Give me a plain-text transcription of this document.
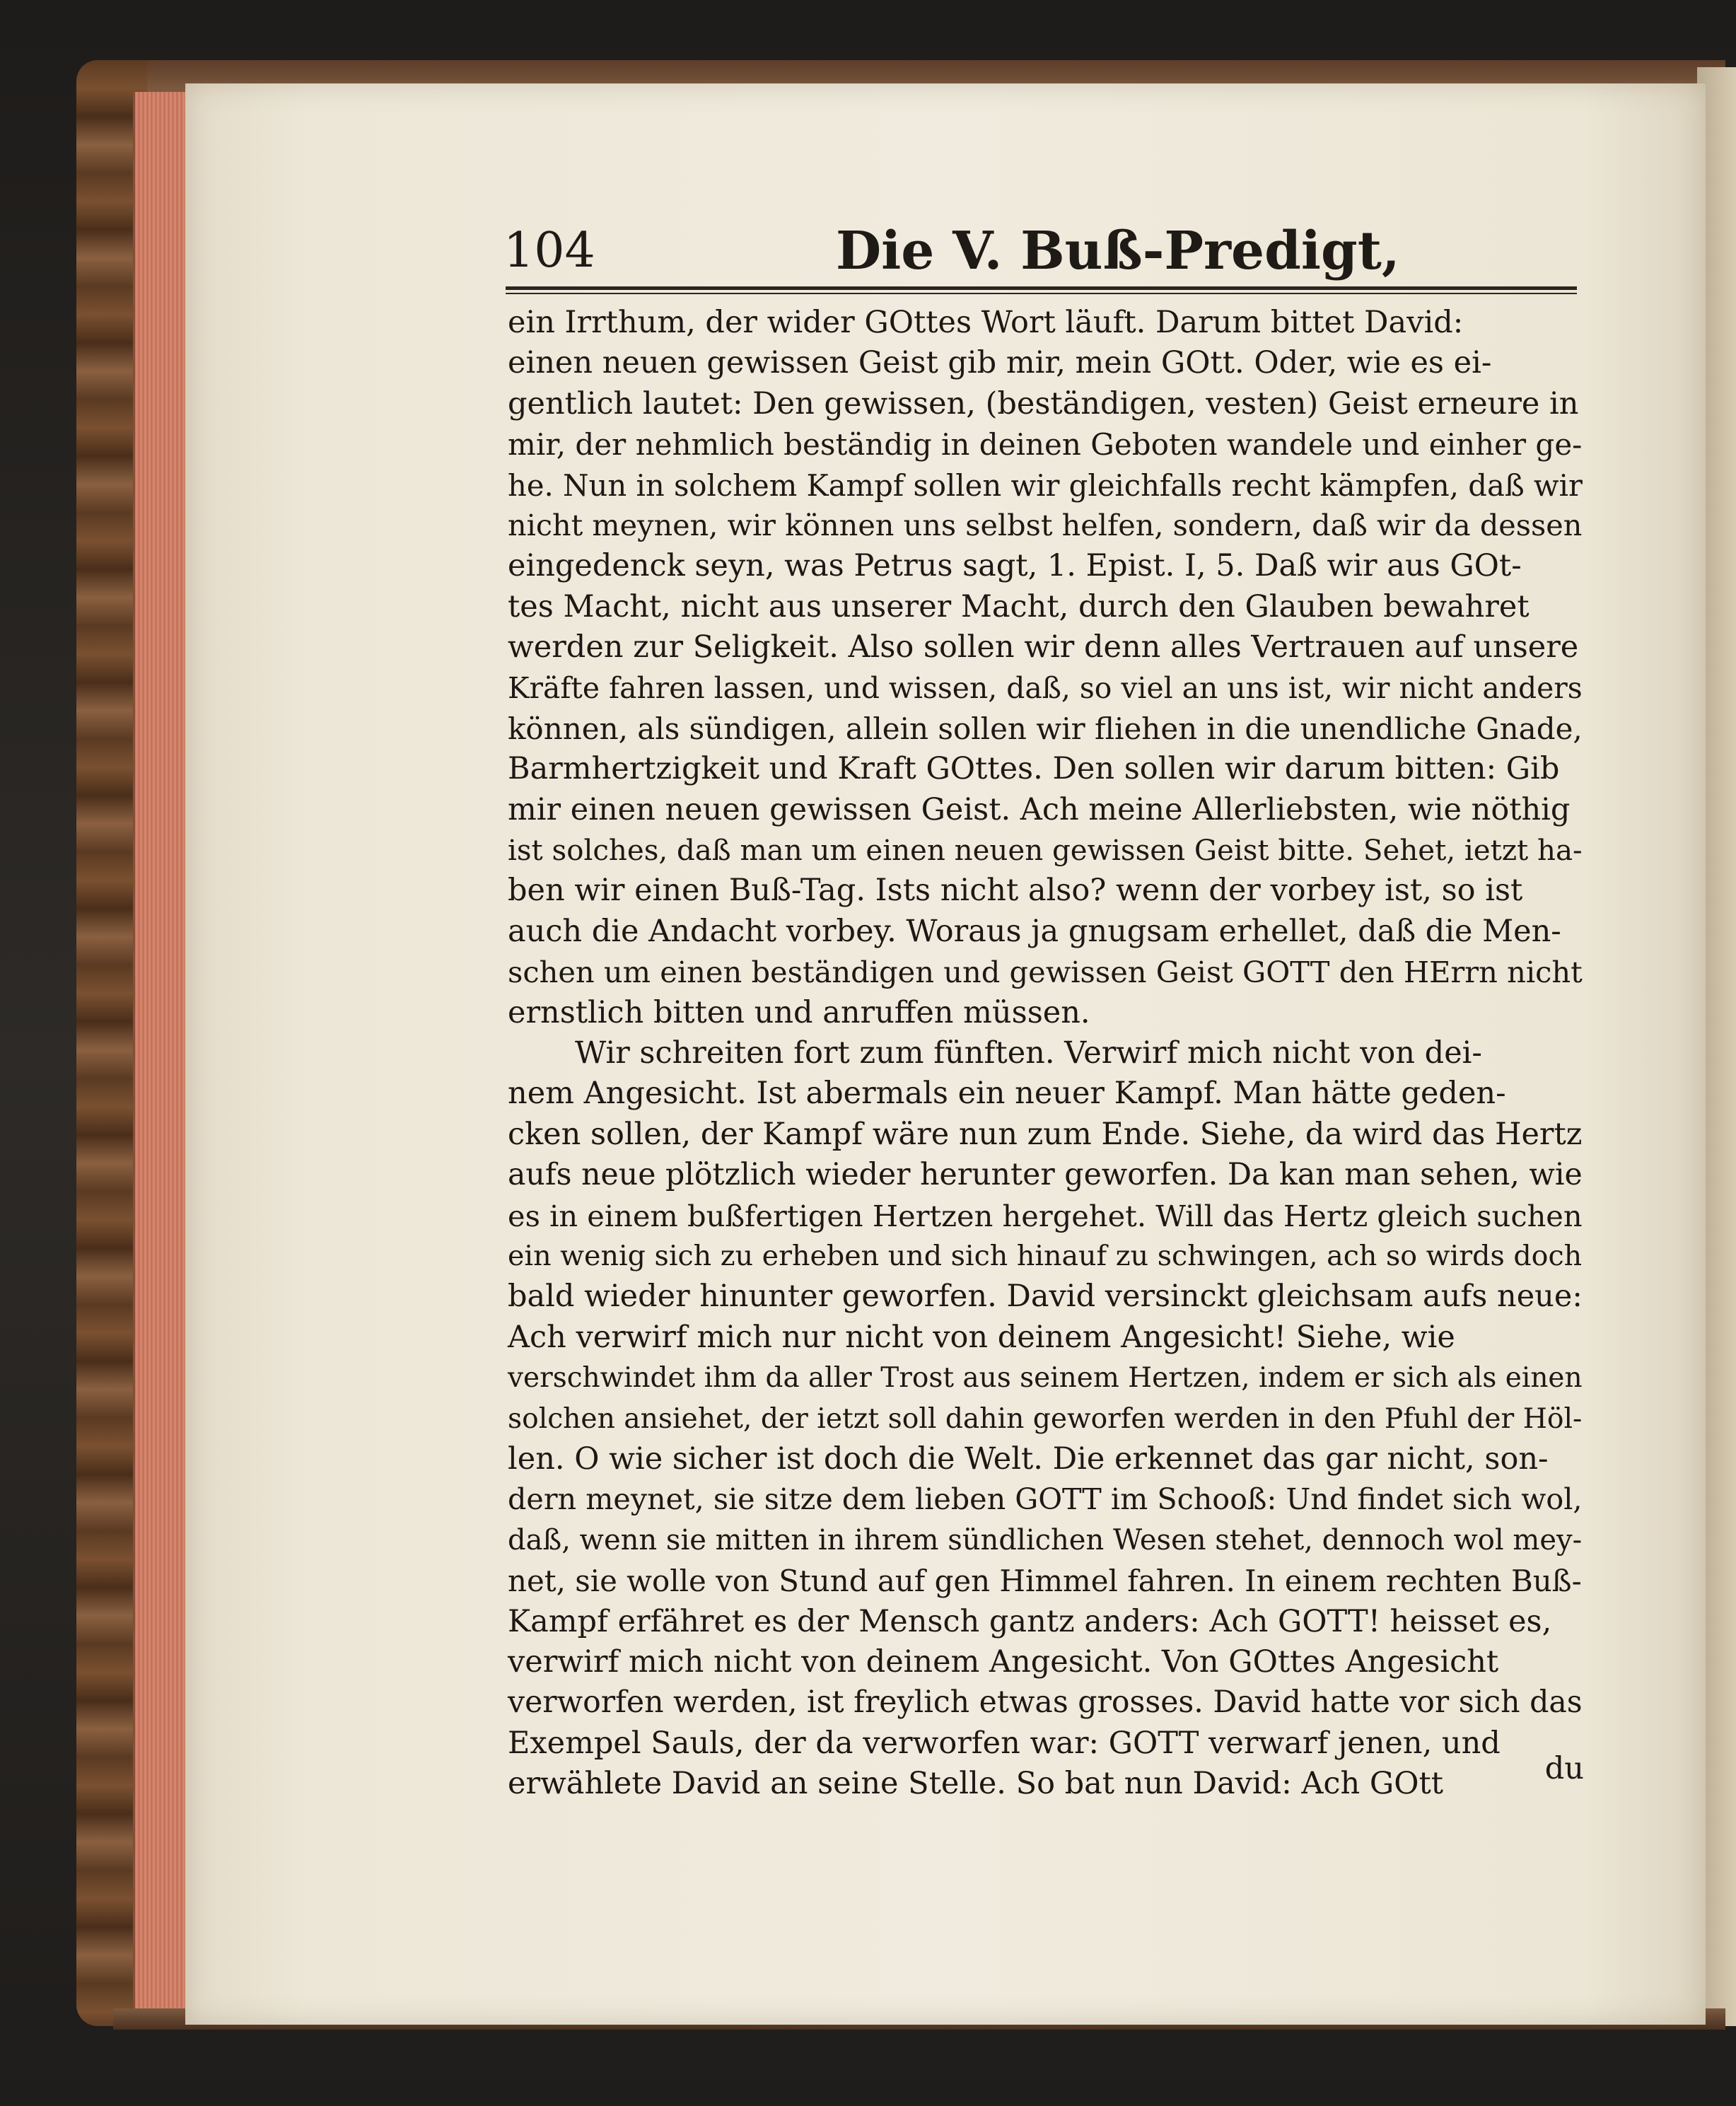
104	Die V. Buß-Predigt,
ein Irrthum, der wider GOttes Wort läuft. Darum bittet David:
einen neuen gewissen Geist gib mir, mein GOtt. Oder, wie es ei-
gentlich lautet: Den gewissen, (beständigen, vesten) Geist erneure in
mir, der nehmlich beständig in deinen Geboten wandele und einher ge-
he. Nun in solchem Kampf sollen wir gleichfalls recht kämpfen, daß wir
nicht meynen, wir können uns selbst helfen, sondern, daß wir da dessen
eingedenck seyn, was Petrus sagt, 1. Epist. I, 5. Daß wir aus GOt-
tes Macht, nicht aus unserer Macht, durch den Glauben bewahret
werden zur Seligkeit. Also sollen wir denn alles Vertrauen auf unsere
Kräfte fahren lassen, und wissen, daß, so viel an uns ist, wir nicht anders
können, als sündigen, allein sollen wir fliehen in die unendliche Gnade,
Barmhertzigkeit und Kraft GOttes. Den sollen wir darum bitten: Gib
mir einen neuen gewissen Geist. Ach meine Allerliebsten, wie nöthig
ist solches, daß man um einen neuen gewissen Geist bitte. Sehet, ietzt ha-
ben wir einen Buß-Tag. Ists nicht also? wenn der vorbey ist, so ist
auch die Andacht vorbey. Woraus ja gnugsam erhellet, daß die Men-
schen um einen beständigen und gewissen Geist GOTT den HErrn nicht
ernstlich bitten und anruffen müssen.
Wir schreiten fort zum fünften. Verwirf mich nicht von dei-
nem Angesicht. Ist abermals ein neuer Kampf. Man hätte geden-
cken sollen, der Kampf wäre nun zum Ende. Siehe, da wird das Hertz
aufs neue plötzlich wieder herunter geworfen. Da kan man sehen, wie
es in einem bußfertigen Hertzen hergehet. Will das Hertz gleich suchen
ein wenig sich zu erheben und sich hinauf zu schwingen, ach so wirds doch
bald wieder hinunter geworfen. David versinckt gleichsam aufs neue:
Ach verwirf mich nur nicht von deinem Angesicht! Siehe, wie
verschwindet ihm da aller Trost aus seinem Hertzen, indem er sich als einen
solchen ansiehet, der ietzt soll dahin geworfen werden in den Pfuhl der Höl-
len. O wie sicher ist doch die Welt. Die erkennet das gar nicht, son-
dern meynet, sie sitze dem lieben GOTT im Schooß: Und findet sich wol,
daß, wenn sie mitten in ihrem sündlichen Wesen stehet, dennoch wol mey-
net, sie wolle von Stund auf gen Himmel fahren. In einem rechten Buß-
Kampf erfähret es der Mensch gantz anders: Ach GOTT! heisset es,
verwirf mich nicht von deinem Angesicht. Von GOttes Angesicht
verworfen werden, ist freylich etwas grosses. David hatte vor sich das
Exempel Sauls, der da verworfen war: GOTT verwarf jenen, und
erwählete David an seine Stelle. So bat nun David: Ach GOtt	du
